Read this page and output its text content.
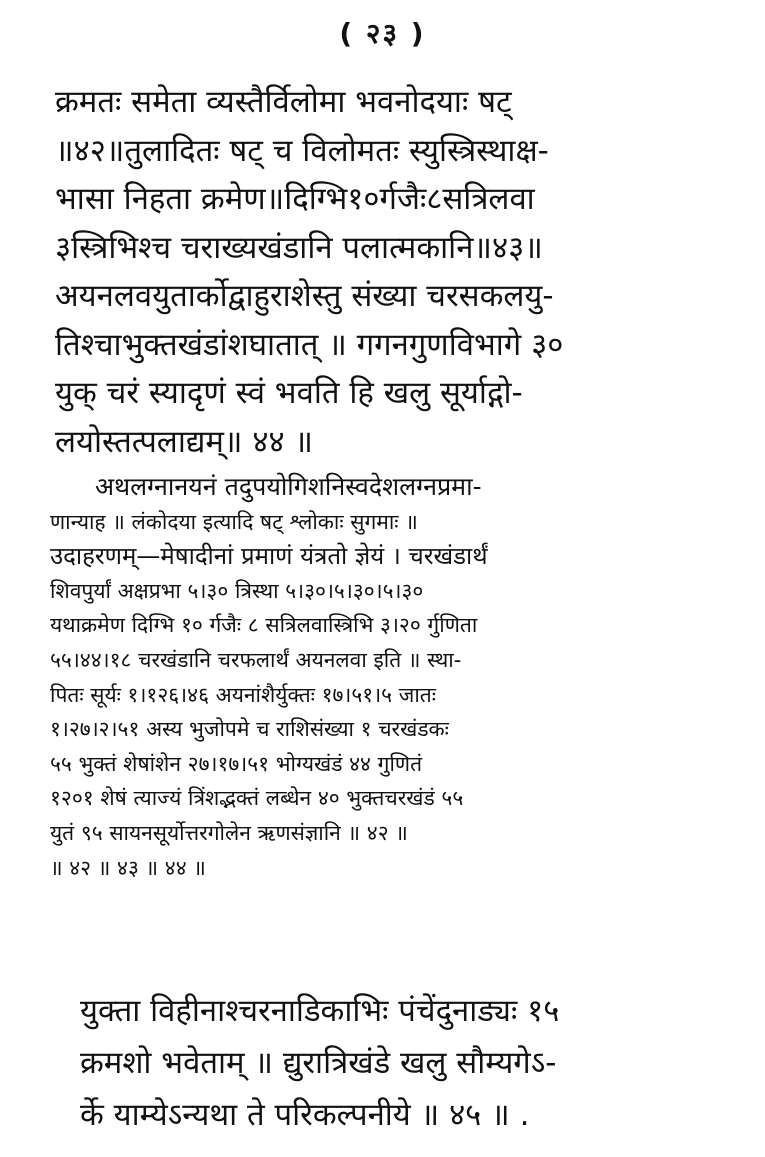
( २३ )
क्रमतः समेता व्यस्तैर्विलोमा भवनोदयाः षट्
॥४२॥तुलादितः षट् च विलोमतः स्युस्त्रिस्थाक्ष-
भासा निहता क्रमेण॥दिग्भि१०र्गजैः८सत्रिलवा
३स्त्रिभिश्च चराख्यखंडानि पलात्मकानि॥४३॥
अयनलवयुतार्कोद्वाहुराशेस्तु संख्या चरसकलयु-
तिश्चाभुक्तखंडांशघातात् ॥ गगनगुणविभागे ३०
युक् चरं स्यादृणं स्वं भवति हि खलु सूर्याद्गो-
लयोस्तत्पलाद्यम्॥ ४४ ॥
अथलग्नानयनं तदुपयोगिशनिस्वदेशलग्नप्रमा-
णान्याह ॥ लंकोदया इत्यादि षट् श्लोकाः सुगमाः ॥
उदाहरणम्—मेषादीनां प्रमाणं यंत्रतो ज्ञेयं । चरखंडार्थं
शिवपुर्यां अक्षप्रभा ५।३० त्रिस्था ५।३०।५।३०।५।३०
यथाक्रमेण दिग्भि १० र्गजैः ८ सत्रिलवास्त्रिभि ३।२० र्गुणिता
५५।४४।१८ चरखंडानि चरफलार्थं अयनलवा इति ॥ स्था-
पितः सूर्यः १।१२६।४६ अयनांशैर्युक्तः १७।५१।५ जातः
१।२७।२।५१ अस्य भुजोपमे च राशिसंख्या १ चरखंडकः
५५ भुक्तं शेषांशेन २७।१७।५१ भोग्यखंडं ४४ गुणितं
१२०१ शेषं त्याज्यं त्रिंशद्भक्तं लब्धेन ४० भुक्तचरखंडं ५५
युतं ९५ सायनसूर्योत्तरगोलेन ऋणसंज्ञानि ॥ ४२ ॥
॥ ४२ ॥ ४३ ॥ ४४ ॥
युक्ता विहीनाश्चरनाडिकाभिः पंचेंदुनाड्यः १५
क्रमशो भवेताम् ॥ द्युरात्रिखंडे खलु सौम्यगेऽ-
र्के याम्येऽन्यथा ते परिकल्पनीये ॥ ४५ ॥ .
